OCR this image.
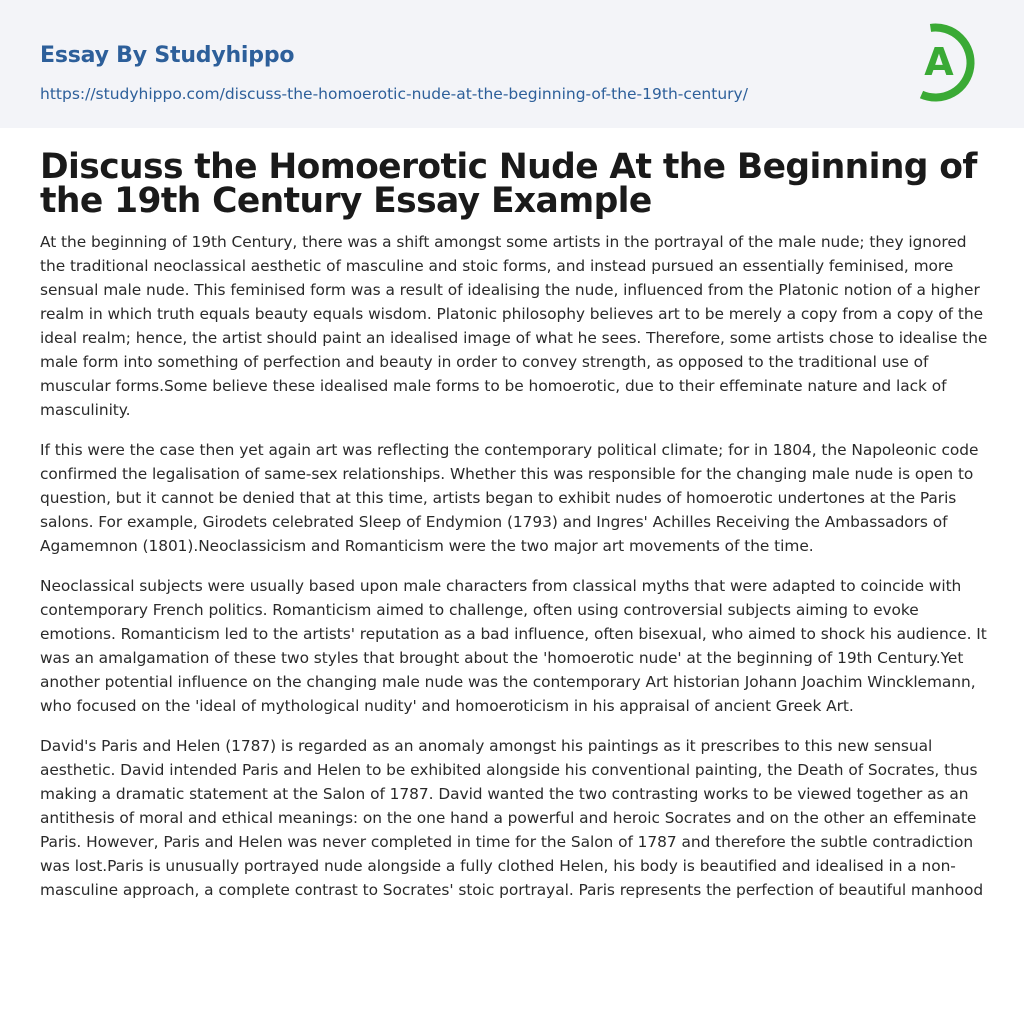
Essay By Studyhippo
https://studyhippo.com/discuss-the-homoerotic-nude-at-the-beginning-of-the-19th-century/
A
Discuss the Homoerotic Nude At the Beginning of the 19th Century Essay Example

At the beginning of 19th Century, there was a shift amongst some artists in the portrayal of the male nude; they ignored the traditional neoclassical aesthetic of masculine and stoic forms, and instead pursued an essentially feminised, more sensual male nude. This feminised form was a result of idealising the nude, influenced from the Platonic notion of a higher realm in which truth equals beauty equals wisdom. Platonic philosophy believes art to be merely a copy from a copy of the ideal realm; hence, the artist should paint an idealised image of what he sees. Therefore, some artists chose to idealise the male form into something of perfection and beauty in order to convey strength, as opposed to the traditional use of muscular forms.Some believe these idealised male forms to be homoerotic, due to their effeminate nature and lack of masculinity.

If this were the case then yet again art was reflecting the contemporary political climate; for in 1804, the Napoleonic code confirmed the legalisation of same-sex relationships. Whether this was responsible for the changing male nude is open to question, but it cannot be denied that at this time, artists began to exhibit nudes of homoerotic undertones at the Paris salons. For example, Girodets celebrated Sleep of Endymion (1793) and Ingres' Achilles Receiving the Ambassadors of Agamemnon (1801).Neoclassicism and Romanticism were the two major art movements of the time.

Neoclassical subjects were usually based upon male characters from classical myths that were adapted to coincide with contemporary French politics. Romanticism aimed to challenge, often using controversial subjects aiming to evoke emotions. Romanticism led to the artists' reputation as a bad influence, often bisexual, who aimed to shock his audience. It was an amalgamation of these two styles that brought about the 'homoerotic nude' at the beginning of 19th Century.Yet another potential influence on the changing male nude was the contemporary Art historian Johann Joachim Wincklemann, who focused on the 'ideal of mythological nudity' and homoeroticism in his appraisal of ancient Greek Art.

David's Paris and Helen (1787) is regarded as an anomaly amongst his paintings as it prescribes to this new sensual aesthetic. David intended Paris and Helen to be exhibited alongside his conventional painting, the Death of Socrates, thus making a dramatic statement at the Salon of 1787. David wanted the two contrasting works to be viewed together as an antithesis of moral and ethical meanings: on the one hand a powerful and heroic Socrates and on the other an effeminate Paris. However, Paris and Helen was never completed in time for the Salon of 1787 and therefore the subtle contradiction was lost.Paris is unusually portrayed nude alongside a fully clothed Helen, his body is beautified and idealised in a non-masculine approach, a complete contrast to Socrates' stoic portrayal. Paris represents the perfection of beautiful manhood
